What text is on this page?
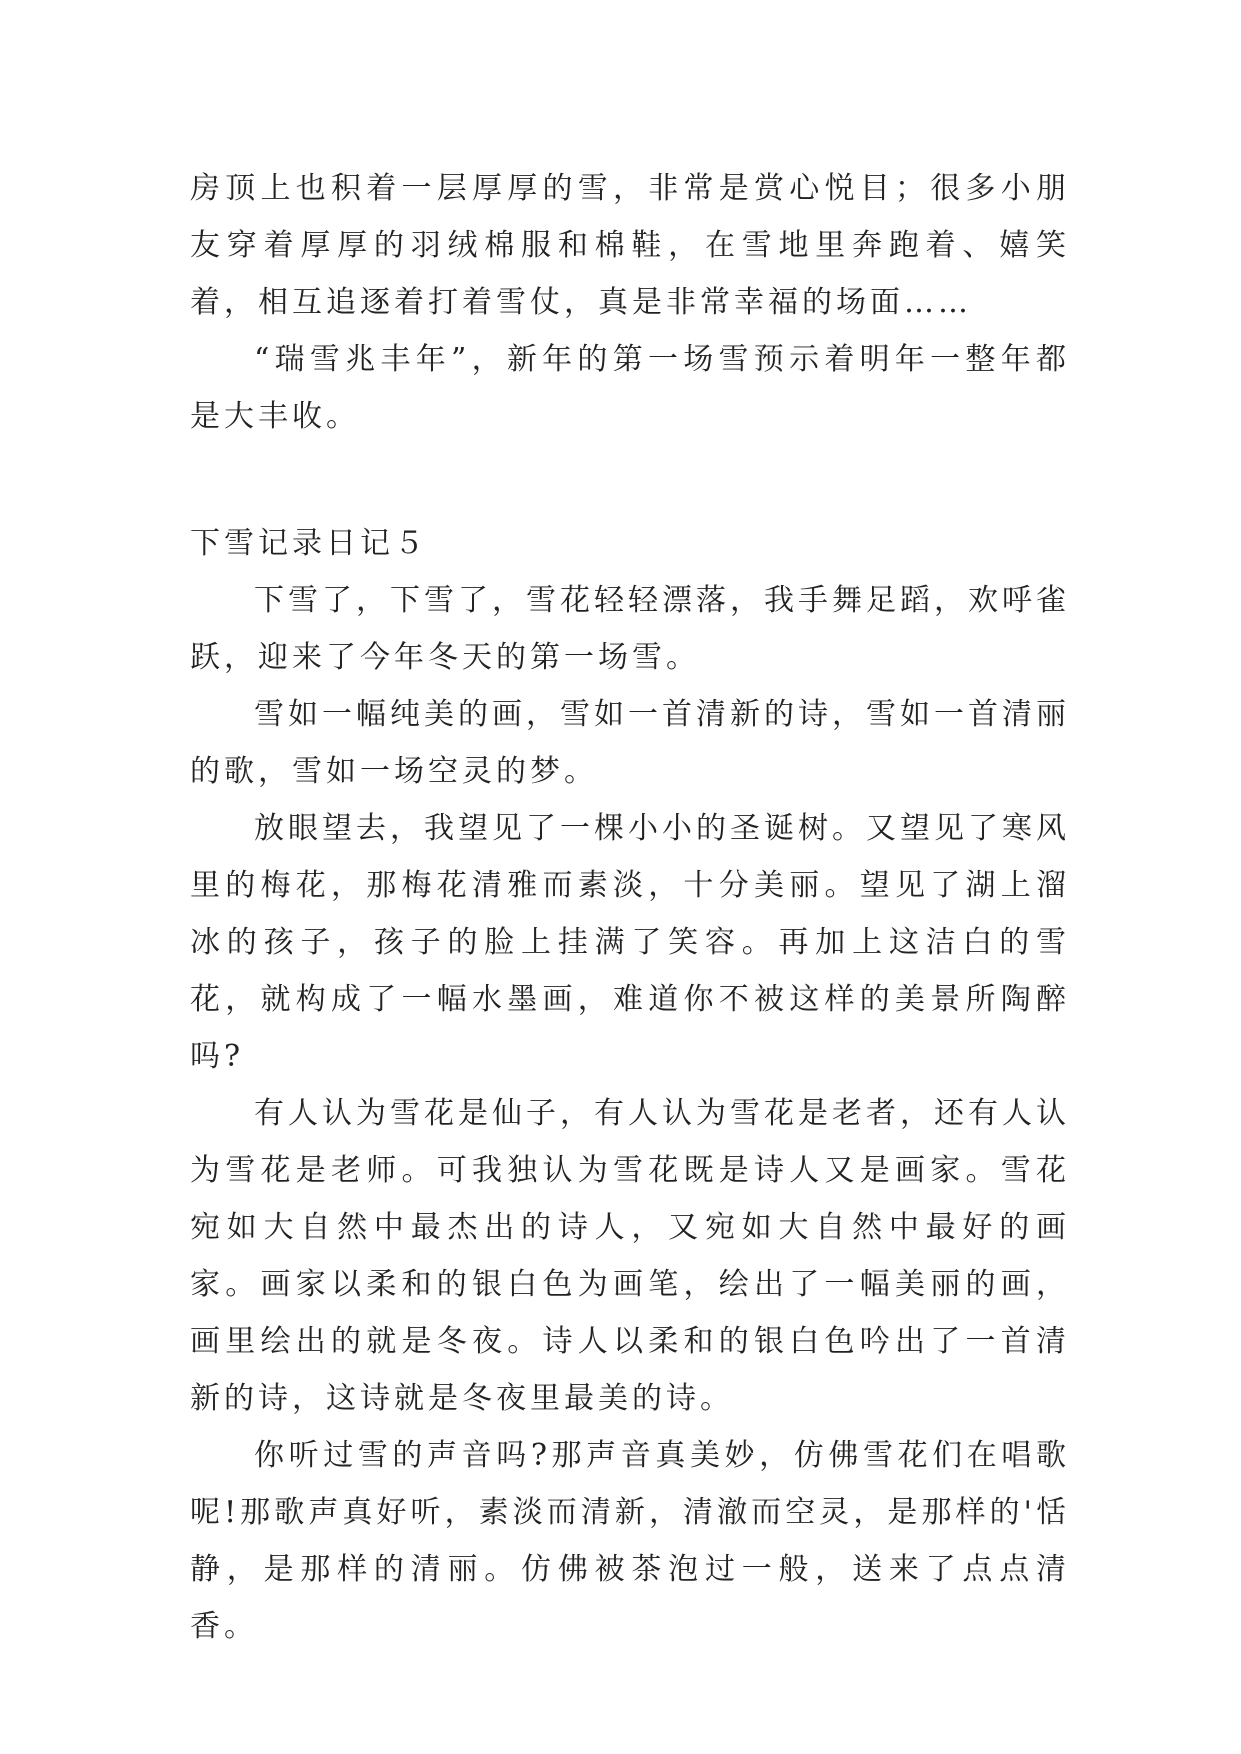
房顶上也积着一层厚厚的雪，非常是赏心悦目；很多小朋友穿着厚厚的羽绒棉服和棉鞋，在雪地里奔跑着、嬉笑着，相互追逐着打着雪仗，真是非常幸福的场面……

“瑞雪兆丰年”，新年的第一场雪预示着明年一整年都是大丰收。

下雪记录日记５

下雪了，下雪了，雪花轻轻漂落，我手舞足蹈，欢呼雀跃，迎来了今年冬天的第一场雪。

雪如一幅纯美的画，雪如一首清新的诗，雪如一首清丽的歌，雪如一场空灵的梦。

放眼望去，我望见了一棵小小的圣诞树。又望见了寒风里的梅花，那梅花清雅而素淡，十分美丽。望见了湖上溜冰的孩子，孩子的脸上挂满了笑容。再加上这洁白的雪花，就构成了一幅水墨画，难道你不被这样的美景所陶醉吗?

有人认为雪花是仙子，有人认为雪花是老者，还有人认为雪花是老师。可我独认为雪花既是诗人又是画家。雪花宛如大自然中最杰出的诗人，又宛如大自然中最好的画家。画家以柔和的银白色为画笔，绘出了一幅美丽的画，画里绘出的就是冬夜。诗人以柔和的银白色吟出了一首清新的诗，这诗就是冬夜里最美的诗。

你听过雪的声音吗?那声音真美妙，仿佛雪花们在唱歌呢!那歌声真好听，素淡而清新，清澈而空灵，是那样的'恬静，是那样的清丽。仿佛被茶泡过一般，送来了点点清香。
